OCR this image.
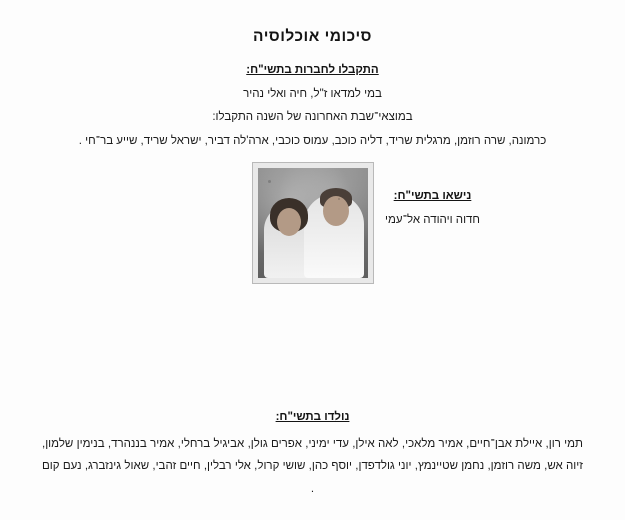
סיכומי אוכלוסיה
התקבלו לחברות בתשי"ח:
במי למדאו ז"ל, חיה ואלי נהיר
במוצאי־שבת האחרונה של השנה התקבלו:
כרמונה, שרה רוזמן, מרגלית שריד, דליה כוכב, עמוס כוכבי, ארה'לה דביר, ישראל שריד, שייע בר־חי .
נישאו בתשי"ח:
חדוה ויהודה אל־עמי
נולדו בתשי"ח:
תמי רון, איילת אבן־חיים, אמיר מלאכי, לאה אילן, עדי ימיני, אפרים גולן, אביגיל ברחלי, אמיר בננהרד, בנימין שלמון, זיוה אש, משה רוזמן, נחמן שטיינמץ, יוני גולדפדן, יוסף כהן, שושי קרול, אלי רבלין, חיים זהבי, שאול גינזברג, נעם קום .
